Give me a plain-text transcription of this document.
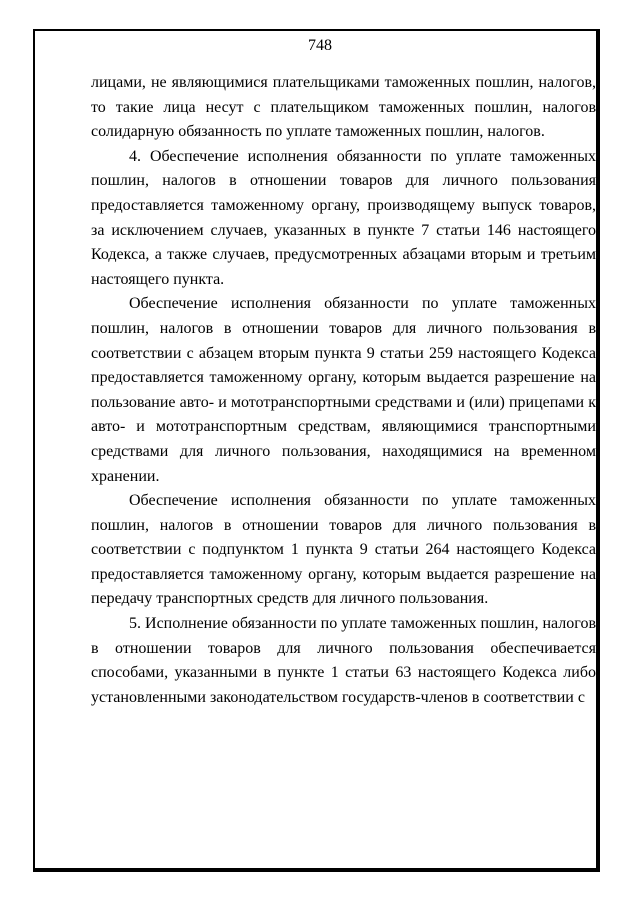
748

лицами, не являющимися плательщиками таможенных пошлин, налогов, то такие лица несут с плательщиком таможенных пошлин, налогов солидарную обязанность по уплате таможенных пошлин, налогов.

4. Обеспечение исполнения обязанности по уплате таможенных пошлин, налогов в отношении товаров для личного пользования предоставляется таможенному органу, производящему выпуск товаров, за исключением случаев, указанных в пункте 7 статьи 146 настоящего Кодекса, а также случаев, предусмотренных абзацами вторым и третьим настоящего пункта.

Обеспечение исполнения обязанности по уплате таможенных пошлин, налогов в отношении товаров для личного пользования в соответствии с абзацем вторым пункта 9 статьи 259 настоящего Кодекса предоставляется таможенному органу, которым выдается разрешение на пользование авто- и мототранспортными средствами и (или) прицепами к авто- и мототранспортным средствам, являющимися транспортными средствами для личного пользования, находящимися на временном хранении.

Обеспечение исполнения обязанности по уплате таможенных пошлин, налогов в отношении товаров для личного пользования в соответствии с подпунктом 1 пункта 9 статьи 264 настоящего Кодекса предоставляется таможенному органу, которым выдается разрешение на передачу транспортных средств для личного пользования.

5. Исполнение обязанности по уплате таможенных пошлин, налогов в отношении товаров для личного пользования обеспечивается способами, указанными в пункте 1 статьи 63 настоящего Кодекса либо установленными законодательством государств-членов в соответствии с
